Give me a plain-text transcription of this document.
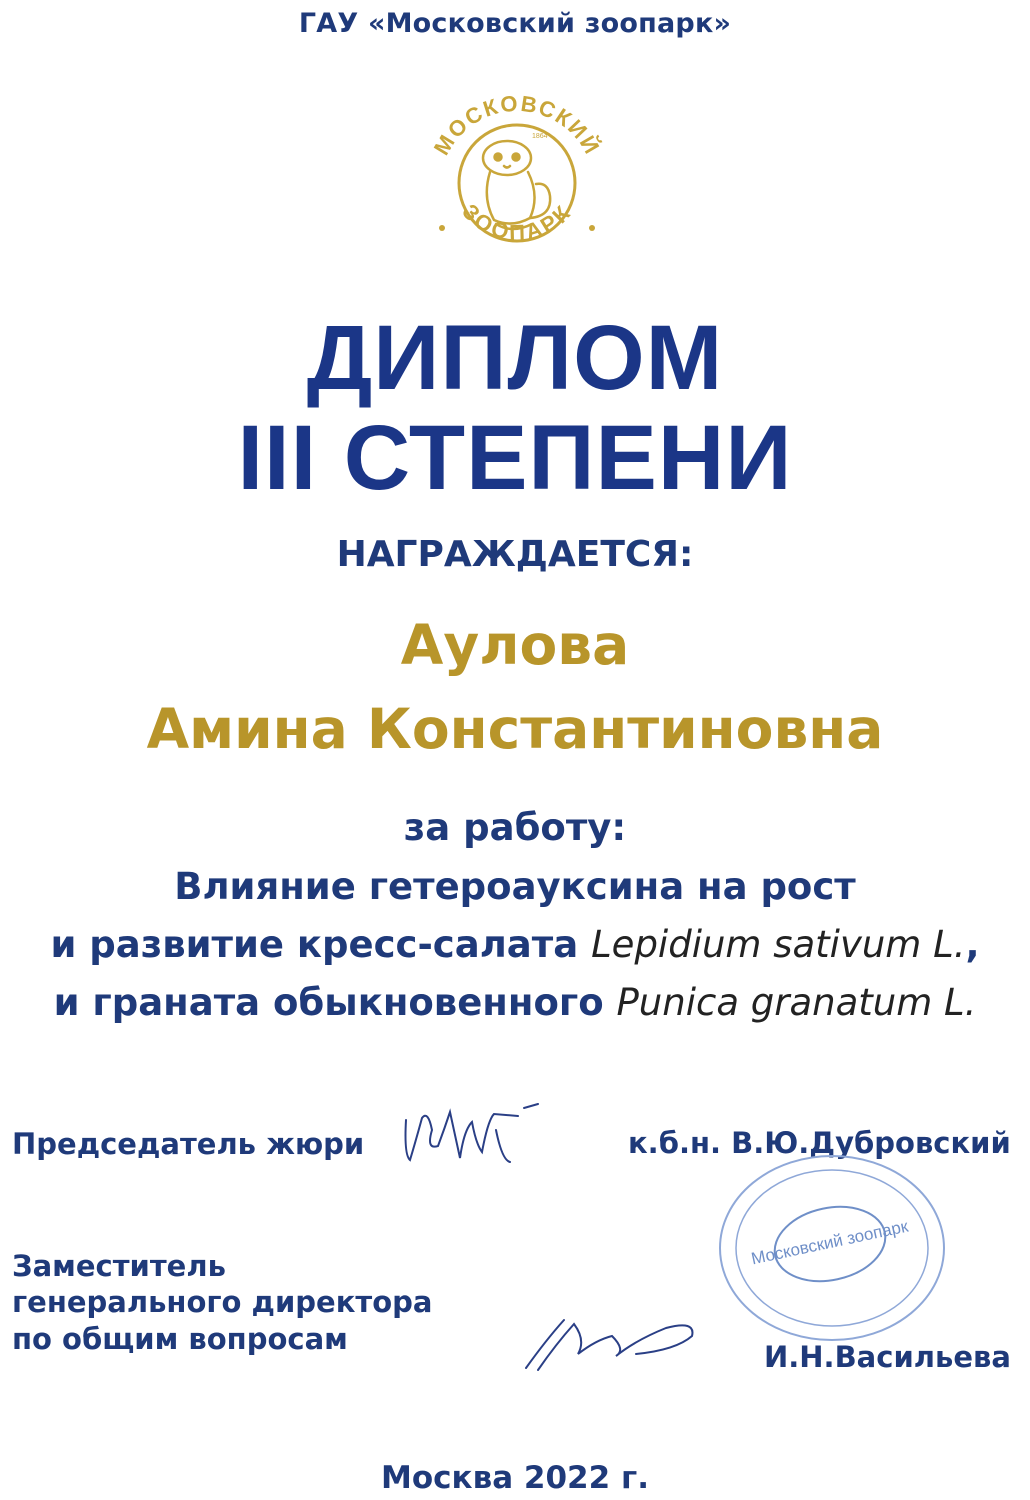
ГАУ «Московский зоопарк»
МОСКОВСКИЙ
ЗООПАРК
1864
ДИПЛОМ
III СТЕПЕНИ
НАГРАЖДАЕТСЯ:
Аулова
Амина Константиновна
за работу:
Влияние гетероауксина на рост
и развитие кресс-салата Lepidium sativum L.,
и граната обыкновенного Punica granatum L.
Председатель жюри	к.б.н. В.Ю.Дубровский
Заместитель
генерального директора
по общим вопросам
И.Н.Васильева
Московский зоопарк
Москва 2022 г.
